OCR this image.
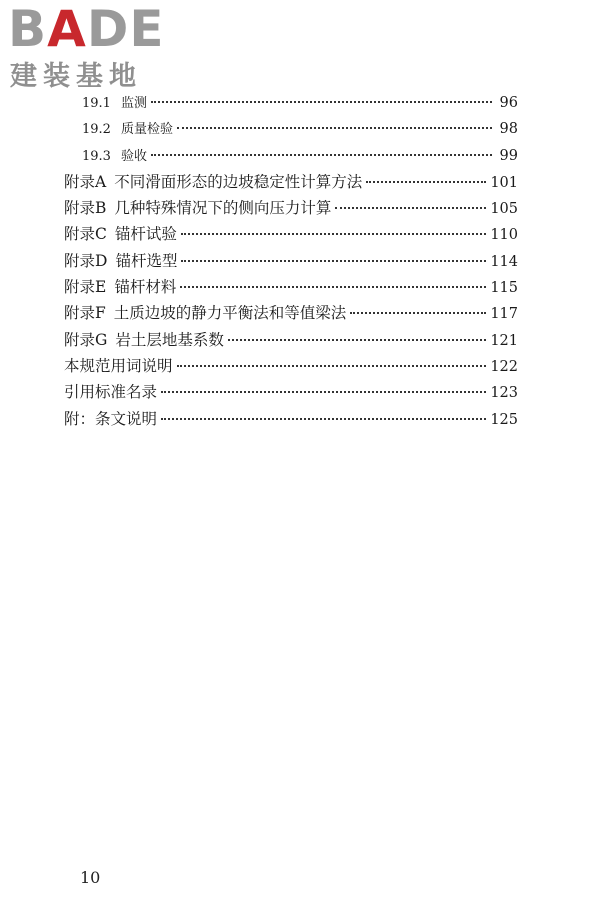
BADE
建装基地
19.1 监测	96
19.2 质量检验	98
19.3 验收	99
附录A 不同滑面形态的边坡稳定性计算方法	101
附录B 几种特殊情况下的侧向压力计算	105
附录C 锚杆试验	110
附录D 锚杆选型	114
附录E 锚杆材料	115
附录F 土质边坡的静力平衡法和等值梁法	117
附录G 岩土层地基系数	121
本规范用词说明	122
引用标准名录	123
附：条文说明	125
10
